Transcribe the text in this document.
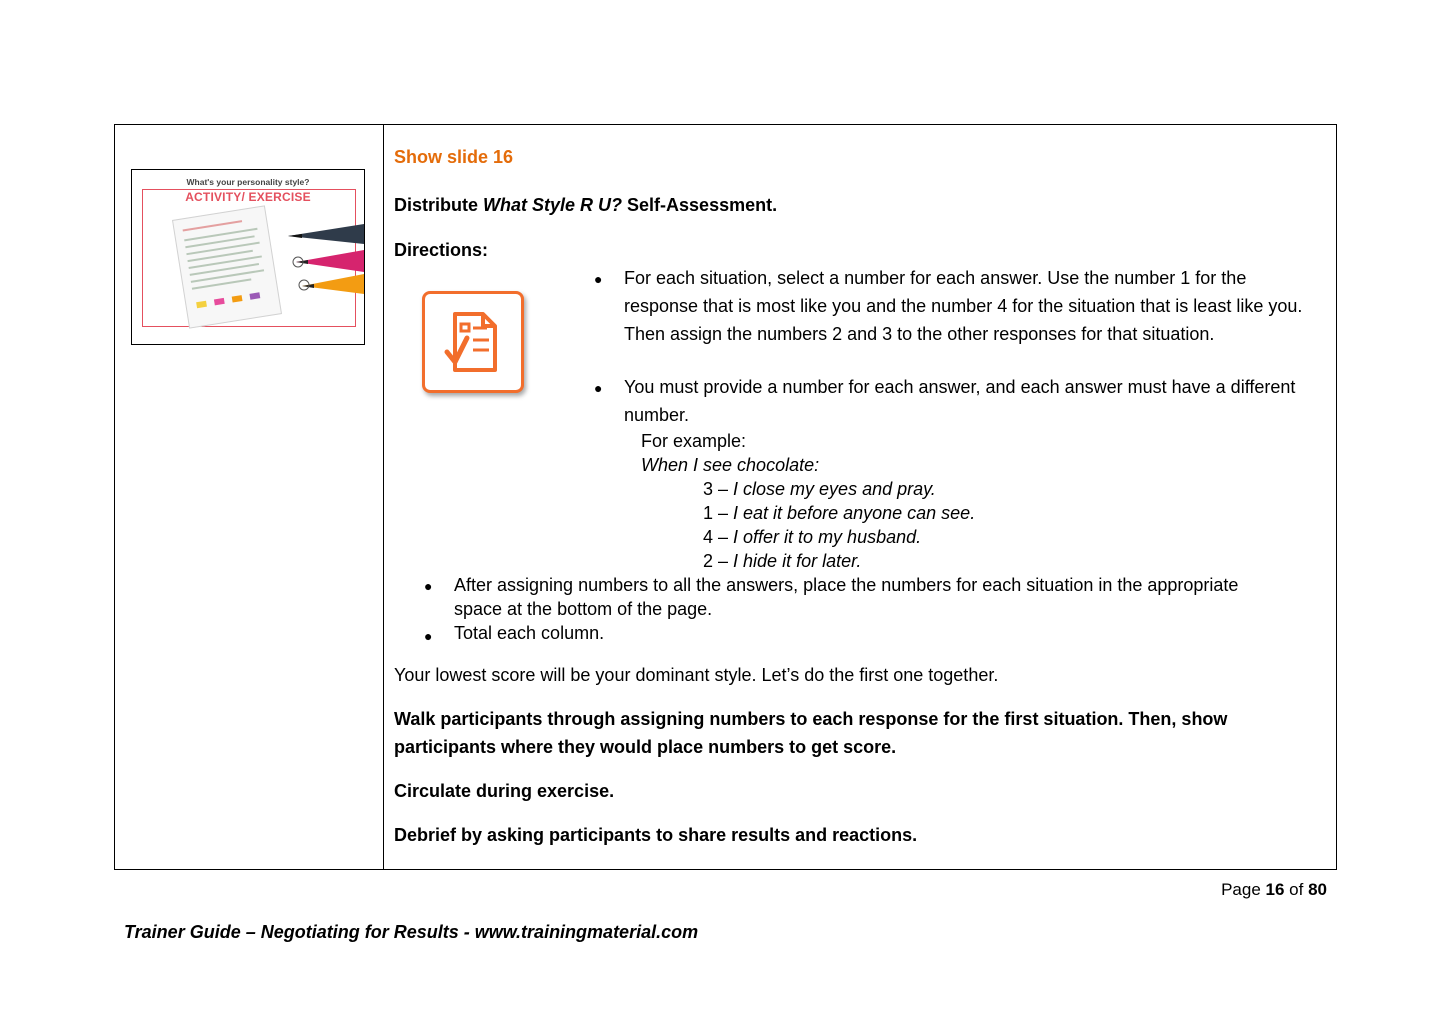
What's your personality style?
ACTIVITY/ EXERCISE

Show slide 16

Distribute What Style R U? Self-Assessment.

Directions:

● For each situation, select a number for each answer. Use the number 1 for the response that is most like you and the number 4 for the situation that is least like you. Then assign the numbers 2 and 3 to the other responses for that situation.

● You must provide a number for each answer, and each answer must have a different number.

For example:

When I see chocolate:

3 – I close my eyes and pray.

1 – I eat it before anyone can see.

4 – I offer it to my husband.

2 – I hide it for later.

● After assigning numbers to all the answers, place the numbers for each situation in the appropriate space at the bottom of the page.

● Total each column.

Your lowest score will be your dominant style. Let’s do the first one together.

Walk participants through assigning numbers to each response for the first situation. Then, show participants where they would place numbers to get score.

Circulate during exercise.

Debrief by asking participants to share results and reactions.

Page 16 of 80
Trainer Guide – Negotiating for Results - www.trainingmaterial.com
